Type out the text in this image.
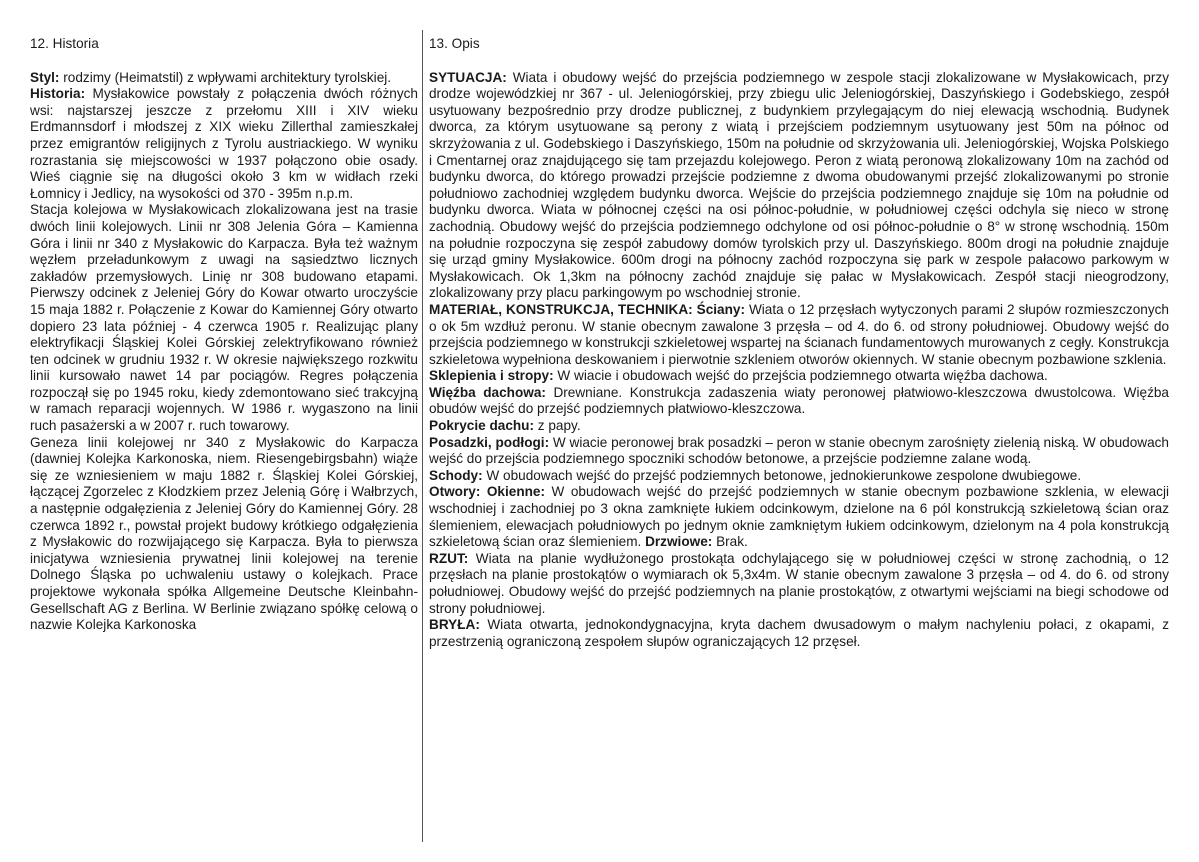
12. Historia

Styl: rodzimy (Heimatstil) z wpływami architektury tyrolskiej.

Historia: Mysłakowice powstały z połączenia dwóch różnych wsi: najstarszej jeszcze z przełomu XIII i XIV wieku Erdmannsdorf i młodszej z XIX wieku Zillerthal zamieszkałej przez emigrantów religijnych z Tyrolu austriackiego. W wyniku rozrastania się miejscowości w 1937 połączono obie osady. Wieś ciągnie się na długości około 3 km w widłach rzeki Łomnicy i Jedlicy, na wysokości od 370 - 395m n.p.m.

Stacja kolejowa w Mysłakowicach zlokalizowana jest na trasie dwóch linii kolejowych. Linii nr 308 Jelenia Góra – Kamienna Góra i linii nr 340 z Mysłakowic do Karpacza. Była też ważnym węzłem przeładunkowym z uwagi na sąsiedztwo licznych zakładów przemysłowych. Linię nr 308 budowano etapami. Pierwszy odcinek z Jeleniej Góry do Kowar otwarto uroczyście 15 maja 1882 r. Połączenie z Kowar do Kamiennej Góry otwarto dopiero 23 lata później - 4 czerwca 1905 r. Realizując plany elektryfikacji Śląskiej Kolei Górskiej zelektryfikowano również ten odcinek w grudniu 1932 r. W okresie największego rozkwitu linii kursowało nawet 14 par pociągów. Regres połączenia rozpoczął się po 1945 roku, kiedy zdemontowano sieć trakcyjną w ramach reparacji wojennych. W 1986 r. wygaszono na linii ruch pasażerski a w 2007 r. ruch towarowy.

Geneza linii kolejowej nr 340 z Mysłakowic do Karpacza (dawniej Kolejka Karkonoska, niem. Riesengebirgsbahn) wiąże się ze wzniesieniem w maju 1882 r. Śląskiej Kolei Górskiej, łączącej Zgorzelec z Kłodzkiem przez Jelenią Górę i Wałbrzych, a następnie odgałęzienia z Jeleniej Góry do Kamiennej Góry. 28 czerwca 1892 r., powstał projekt budowy krótkiego odgałęzienia z Mysłakowic do rozwijającego się Karpacza. Była to pierwsza inicjatywa wzniesienia prywatnej linii kolejowej na terenie Dolnego Śląska po uchwaleniu ustawy o kolejkach. Prace projektowe wykonała spółka Allgemeine Deutsche Kleinbahn-Gesellschaft AG z Berlina. W Berlinie związano spółkę celową o nazwie Kolejka Karkonoska

13. Opis

SYTUACJA: Wiata i obudowy wejść do przejścia podziemnego w zespole stacji zlokalizowane w Mysłakowicach, przy drodze wojewódzkiej nr 367 - ul. Jeleniogórskiej, przy zbiegu ulic Jeleniogórskiej, Daszyńskiego i Godebskiego, zespół usytuowany bezpośrednio przy drodze publicznej, z budynkiem przylegającym do niej elewacją wschodnią. Budynek dworca, za którym usytuowane są perony z wiatą i przejściem podziemnym usytuowany jest 50m na północ od skrzyżowania z ul. Godebskiego i Daszyńskiego, 150m na południe od skrzyżowania uli. Jeleniogórskiej, Wojska Polskiego i Cmentarnej oraz znajdującego się tam przejazdu kolejowego. Peron z wiatą peronową zlokalizowany 10m na zachód od budynku dworca, do którego prowadzi przejście podziemne z dwoma obudowanymi przejść zlokalizowanymi po stronie południowo zachodniej względem budynku dworca. Wejście do przejścia podziemnego znajduje się 10m na południe od budynku dworca. Wiata w północnej części na osi północ-południe, w południowej części odchyla się nieco w stronę zachodnią. Obudowy wejść do przejścia podziemnego odchylone od osi północ-południe o 8° w stronę wschodnią. 150m na południe rozpoczyna się zespół zabudowy domów tyrolskich przy ul. Daszyńskiego. 800m drogi na południe znajduje się urząd gminy Mysłakowice. 600m drogi na północny zachód rozpoczyna się park w zespole pałacowo parkowym w Mysłakowicach. Ok 1,3km na północny zachód znajduje się pałac w Mysłakowicach. Zespół stacji nieogrodzony, zlokalizowany przy placu parkingowym po wschodniej stronie.

MATERIAŁ, KONSTRUKCJA, TECHNIKA: Ściany: Wiata o 12 przęsłach wytyczonych parami 2 słupów rozmieszczonych o ok 5m wzdłuż peronu. W stanie obecnym zawalone 3 przęsła – od 4. do 6. od strony południowej. Obudowy wejść do przejścia podziemnego w konstrukcji szkieletowej wspartej na ścianach fundamentowych murowanych z cegły. Konstrukcja szkieletowa wypełniona deskowaniem i pierwotnie szkleniem otworów okiennych. W stanie obecnym pozbawione szklenia.

Sklepienia i stropy: W wiacie i obudowach wejść do przejścia podziemnego otwarta więźba dachowa.

Więźba dachowa: Drewniane. Konstrukcja zadaszenia wiaty peronowej płatwiowo-kleszczowa dwustolcowa. Więźba obudów wejść do przejść podziemnych płatwiowo-kleszczowa.

Pokrycie dachu: z papy.

Posadzki, podłogi: W wiacie peronowej brak posadzki – peron w stanie obecnym zarośnięty zielenią niską. W obudowach wejść do przejścia podziemnego spoczniki schodów betonowe, a przejście podziemne zalane wodą.

Schody: W obudowach wejść do przejść podziemnych betonowe, jednokierunkowe zespolone dwubiegowe.

Otwory: Okienne: W obudowach wejść do przejść podziemnych w stanie obecnym pozbawione szklenia, w elewacji wschodniej i zachodniej po 3 okna zamknięte łukiem odcinkowym, dzielone na 6 pól konstrukcją szkieletową ścian oraz ślemieniem, elewacjach południowych po jednym oknie zamkniętym łukiem odcinkowym, dzielonym na 4 pola konstrukcją szkieletową ścian oraz ślemieniem. Drzwiowe: Brak.

RZUT: Wiata na planie wydłużonego prostokąta odchylającego się w południowej części w stronę zachodnią, o 12 przęsłach na planie prostokątów o wymiarach ok 5,3x4m. W stanie obecnym zawalone 3 przęsła – od 4. do 6. od strony południowej. Obudowy wejść do przejść podziemnych na planie prostokątów, z otwartymi wejściami na biegi schodowe od strony południowej.

BRYŁA: Wiata otwarta, jednokondygnacyjna, kryta dachem dwusadowym o małym nachyleniu połaci, z okapami, z przestrzenią ograniczoną zespołem słupów ograniczających 12 przęseł.
